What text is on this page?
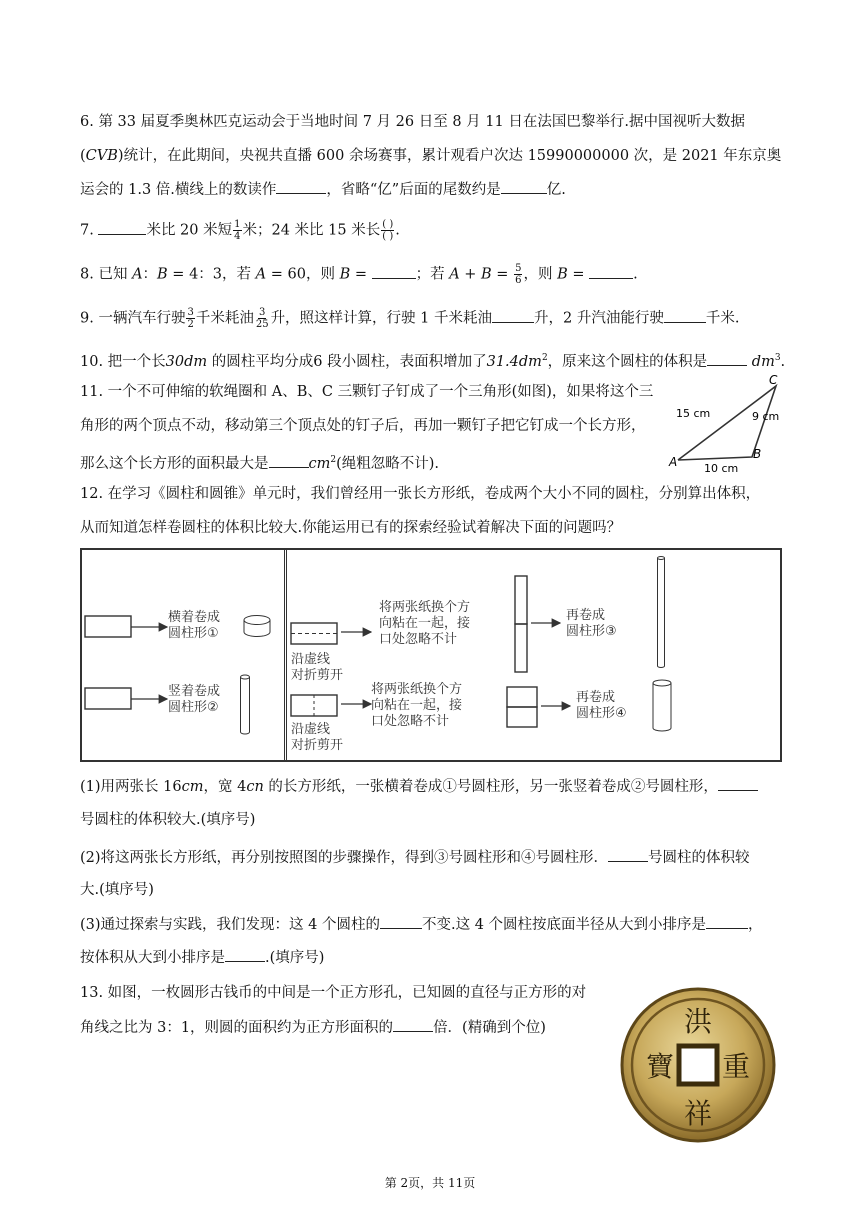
6. 第 33 届夏季奥林匹克运动会于当地时间 7 月 26 日至 8 月 11 日在法国巴黎举行.据中国视听大数据
(CVB)统计，在此期间，央视共直播 600 余场赛事，累计观看户次达 15990000000 次，是 2021 年东京奥
运会的 1.3 倍.横线上的数读作	，省略“亿”后面的尾数约是	亿.
7.	米比 20 米短 $\frac{1}{4}$ 米；24 米比 15 米长 $\frac{( )}{( )}$ .
8. 已知 A：B = 4：3，若 A = 60，则 B =	；若 $A + B = \frac{5}{6}$ ，则 B =	.
9. 一辆汽车行驶 $\frac{3}{2}$ 千米耗油 $\frac{3}{25}$ 升，照这样计算，行驶 1 千米耗油	升，2 升汽油能行驶	千米.
10. 把一个长30dm 的圆柱平均分成6 段小圆柱，表面积增加了$31.4dm^2$，原来这个圆柱的体积是	$dm^3$.
11. 一个不可伸缩的软绳圈和 A、B、C 三颗钉子钉成了一个三角形(如图)，如果将这个三
角形的两个顶点不动，移动第三个顶点处的钉子后，再加一颗钉子把它钉成一个长方形，
那么这个长方形的面积最大是	$cm^2$(绳粗忽略不计).
C
A
B
15 cm	9 cm
10 cm
12. 在学习《圆柱和圆锥》单元时，我们曾经用一张长方形纸，卷成两个大小不同的圆柱，分别算出体积，
从而知道怎样卷圆柱的体积比较大.你能运用已有的探索经验试着解决下面的问题吗？
横着卷成
圆柱形①
竖着卷成
圆柱形②
沿虚线
对折剪开
将两张纸换个方
向粘在一起，接
口处忽略不计
再卷成
圆柱形③
沿虚线
对折剪开
将两张纸换个方
向粘在一起，接
口处忽略不计
再卷成
圆柱形④
(1)用两张长 16cm，宽 4cn 的长方形纸，一张横着卷成①号圆柱形，另一张竖着卷成②号圆柱形，
号圆柱的体积较大.(填序号)
(2)将这两张长方形纸，再分别按照图的步骤操作，得到③号圆柱形和④号圆柱形．	号圆柱的体积较
大.(填序号)
(3)通过探索与实践，我们发现：这 4 个圆柱的	不变.这 4 个圆柱按底面半径从大到小排序是	，
按体积从大到小排序是	.(填序号)
13. 如图，一枚圆形古钱币的中间是一个正方形孔，已知圆的直径与正方形的对
角线之比为 3：1，则圆的面积约为正方形面积的	倍．(精确到个位)	洪
重
祥
寶
第 2页，共 11页
